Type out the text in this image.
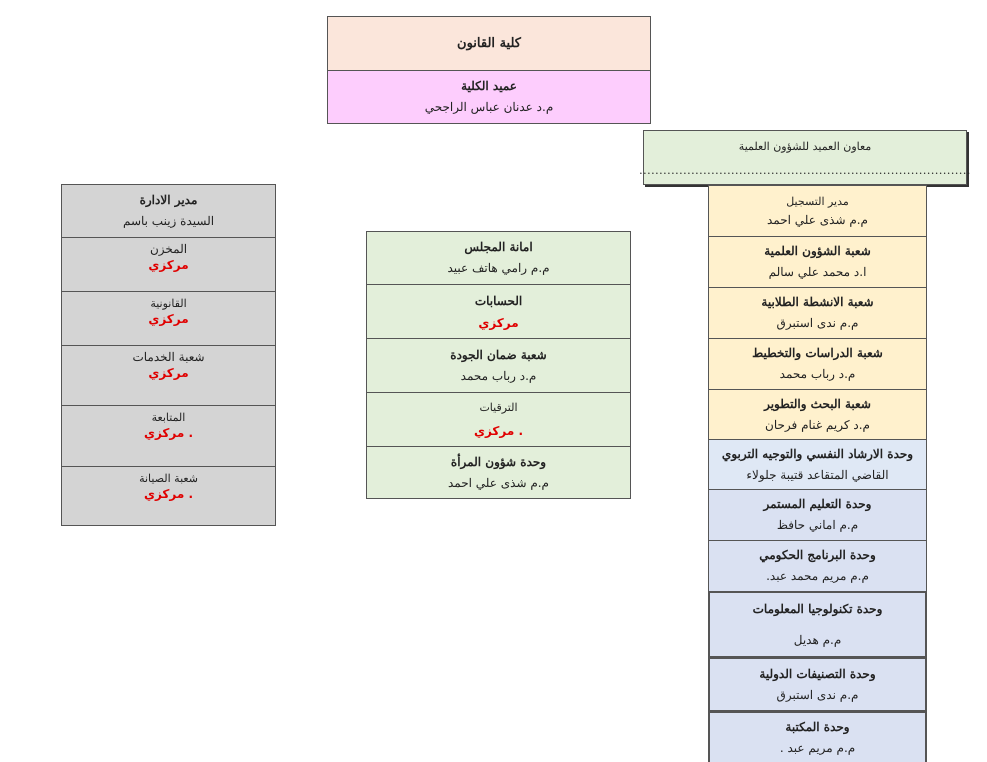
كلية القانون
عميد الكلية
م.د عدنان عباس الراجحي
معاون العميد للشؤون العلمية
...................................................................................
مدير التسجيل
م.م شذى علي احمد
شعبة الشؤون العلمية
ا.د محمد علي سالم
شعبة الانشطة الطلابية
م.م ندى استبرق
شعبة الدراسات والتخطيط
م.د رباب محمد
شعبة البحث والتطوير
م.د كريم غنام فرحان
وحدة الارشاد النفسي والتوجيه التربوي
القاضي المتقاعد قتيبة جلولاء
وحدة التعليم المستمر
م.م اماني حافظ
وحدة البرنامج الحكومي
م.م مريم محمد عبد.
وحدة تكنولوجيا المعلومات
م.م هديل
وحدة التصنيفات الدولية
م.م ندى استبرق
وحدة المكتبة
م.م مريم عبد .
امانة المجلس
م.م رامي هاتف عبيد
الحسابات
مركزي
شعبة ضمان الجودة
م.د رباب محمد
الترقيات
. مركزي
وحدة شؤون المرأة
م.م شذى علي احمد
مدير الادارة
السيدة زينب باسم
المخزن
مركزي
القانونية
مركزي
شعبة الخدمات
مركزي
المتابعة
. مركزي
شعبة الصيانة
. مركزي
